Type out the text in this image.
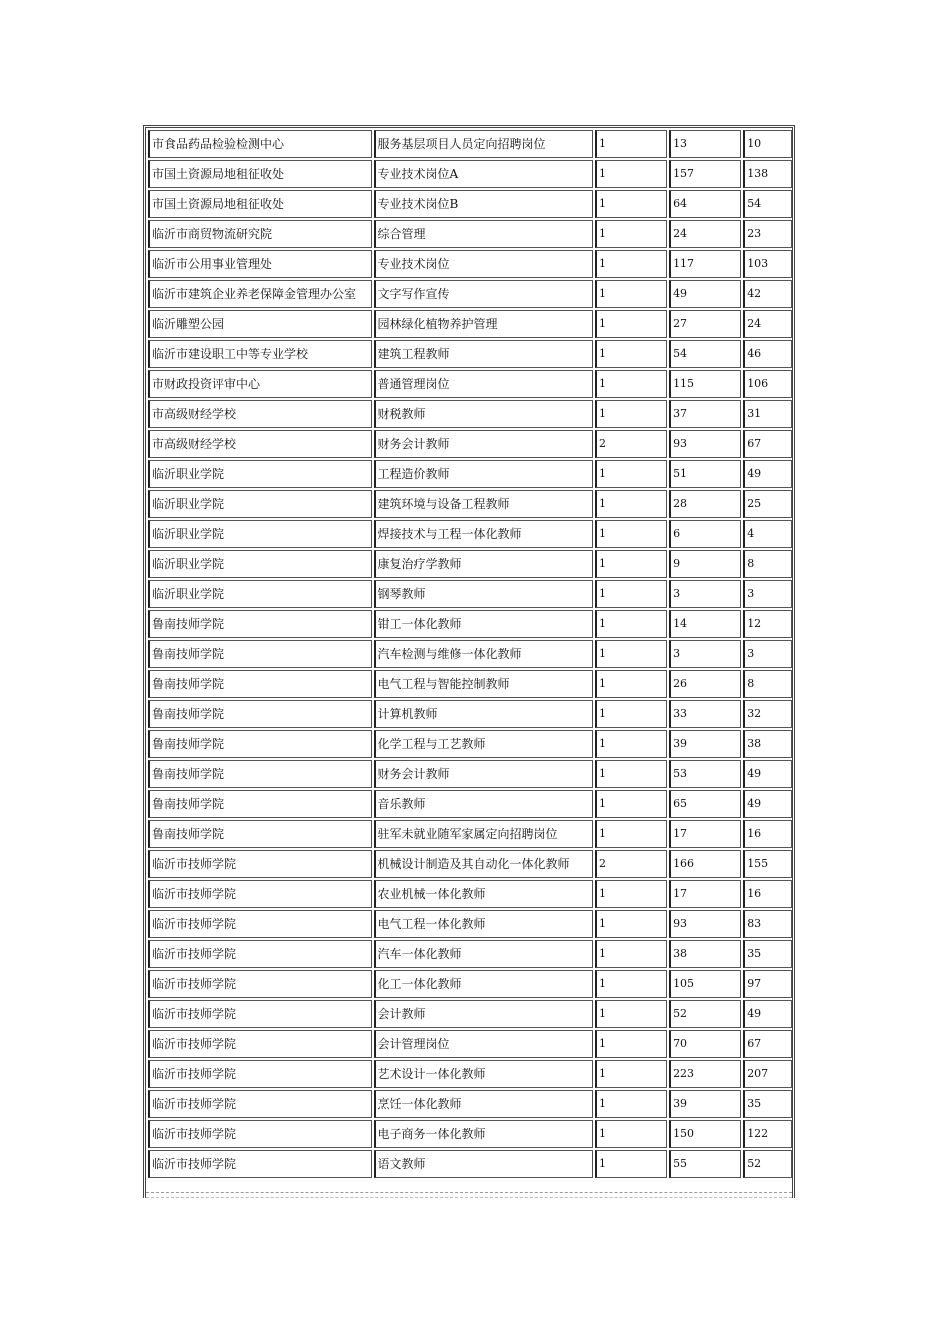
市食品药品检验检测中心	服务基层项目人员定向招聘岗位	1	13	10
市国土资源局地租征收处	专业技术岗位A	1	157	138
市国土资源局地租征收处	专业技术岗位B	1	64	54
临沂市商贸物流研究院	综合管理	1	24	23
临沂市公用事业管理处	专业技术岗位	1	117	103
临沂市建筑企业养老保障金管理办公室	文字写作宣传	1	49	42
临沂雕塑公园	园林绿化植物养护管理	1	27	24
临沂市建设职工中等专业学校	建筑工程教师	1	54	46
市财政投资评审中心	普通管理岗位	1	115	106
市高级财经学校	财税教师	1	37	31
市高级财经学校	财务会计教师	2	93	67
临沂职业学院	工程造价教师	1	51	49
临沂职业学院	建筑环境与设备工程教师	1	28	25
临沂职业学院	焊接技术与工程一体化教师	1	6	4
临沂职业学院	康复治疗学教师	1	9	8
临沂职业学院	钢琴教师	1	3	3
鲁南技师学院	钳工一体化教师	1	14	12
鲁南技师学院	汽车检测与维修一体化教师	1	3	3
鲁南技师学院	电气工程与智能控制教师	1	26	8
鲁南技师学院	计算机教师	1	33	32
鲁南技师学院	化学工程与工艺教师	1	39	38
鲁南技师学院	财务会计教师	1	53	49
鲁南技师学院	音乐教师	1	65	49
鲁南技师学院	驻军未就业随军家属定向招聘岗位	1	17	16
临沂市技师学院	机械设计制造及其自动化一体化教师	2	166	155
临沂市技师学院	农业机械一体化教师	1	17	16
临沂市技师学院	电气工程一体化教师	1	93	83
临沂市技师学院	汽车一体化教师	1	38	35
临沂市技师学院	化工一体化教师	1	105	97
临沂市技师学院	会计教师	1	52	49
临沂市技师学院	会计管理岗位	1	70	67
临沂市技师学院	艺术设计一体化教师	1	223	207
临沂市技师学院	烹饪一体化教师	1	39	35
临沂市技师学院	电子商务一体化教师	1	150	122
临沂市技师学院	语文教师	1	55	52
